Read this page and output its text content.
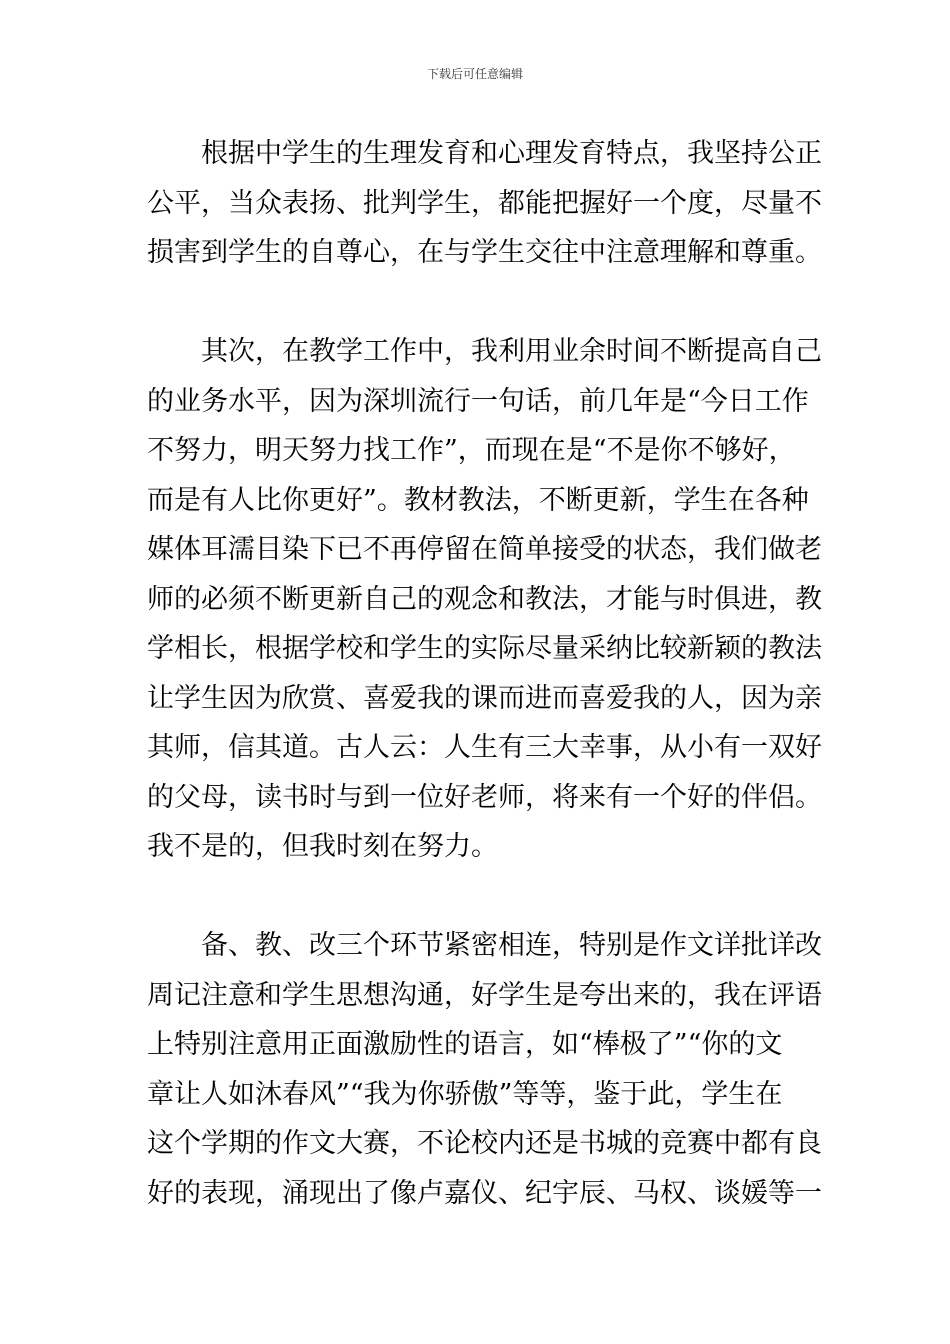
下载后可任意编辑
根据中学生的生理发育和心理发育特点，我坚持公正
公平，当众表扬、批判学生，都能把握好一个度，尽量不
损害到学生的自尊心，在与学生交往中注意理解和尊重。
其次，在教学工作中，我利用业余时间不断提高自己
的业务水平，因为深圳流行一句话，前几年是“今日工作
不努力，明天努力找工作”，而现在是“不是你不够好，
而是有人比你更好”。教材教法，不断更新，学生在各种
媒体耳濡目染下已不再停留在简单接受的状态，我们做老
师的必须不断更新自己的观念和教法，才能与时俱进，教
学相长，根据学校和学生的实际尽量采纳比较新颖的教法
让学生因为欣赏、喜爱我的课而进而喜爱我的人，因为亲
其师，信其道。古人云：人生有三大幸事，从小有一双好
的父母，读书时与到一位好老师，将来有一个好的伴侣。
我不是的，但我时刻在努力。
备、教、改三个环节紧密相连，特别是作文详批详改
周记注意和学生思想沟通，好学生是夸出来的，我在评语
上特别注意用正面激励性的语言，如“棒极了”“你的文
章让人如沐春风”“我为你骄傲”等等，鉴于此，学生在
这个学期的作文大赛，不论校内还是书城的竞赛中都有良
好的表现，涌现出了像卢嘉仪、纪宇辰、马权、谈媛等一
